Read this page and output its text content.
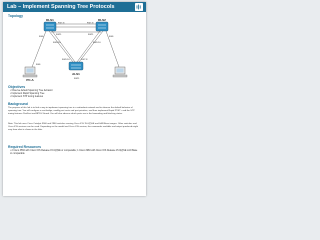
Lab – Implement Spanning Tree Protocols
Topology
DLS1	DLS2
ALS1
PC-A
F0/7-8	F0/7-8
F0/6
F0/11
F0/9-10
F0/11
F0/9-10
F0/6
F0/9-10	F0/7-8
F0/11
F0/6
Objectives
• Observe default Spanning Tree behavior
• Implement Rapid Spanning Tree
• Implement STP tuning features
Background
The purpose of this lab is to find a way to implement spanning tree in a redundant network and to observe the default behavior of spanning tree. You will configure a root bridge, modify port costs and port priorities, and then implement Rapid PVST+ and the STP tuning features PortFast and BPDU Guard. You will also observe which ports are in the forwarding and blocking states.
Note: This lab uses Cisco Catalyst 3560 and 2960 switches running Cisco IOS 15.0(2)SE and LAN Base images. Other switches and Cisco IOS versions can be used. Depending on the model and Cisco IOS version, the commands available and output produced might vary from what is shown in the labs.
Required Resources
• 2 Cisco 3560 with Cisco IOS Release 15.0(2)SE or comparable; 1 Cisco 2960 with Cisco IOS Release 15.0(2)SE LAN Base or comparable
